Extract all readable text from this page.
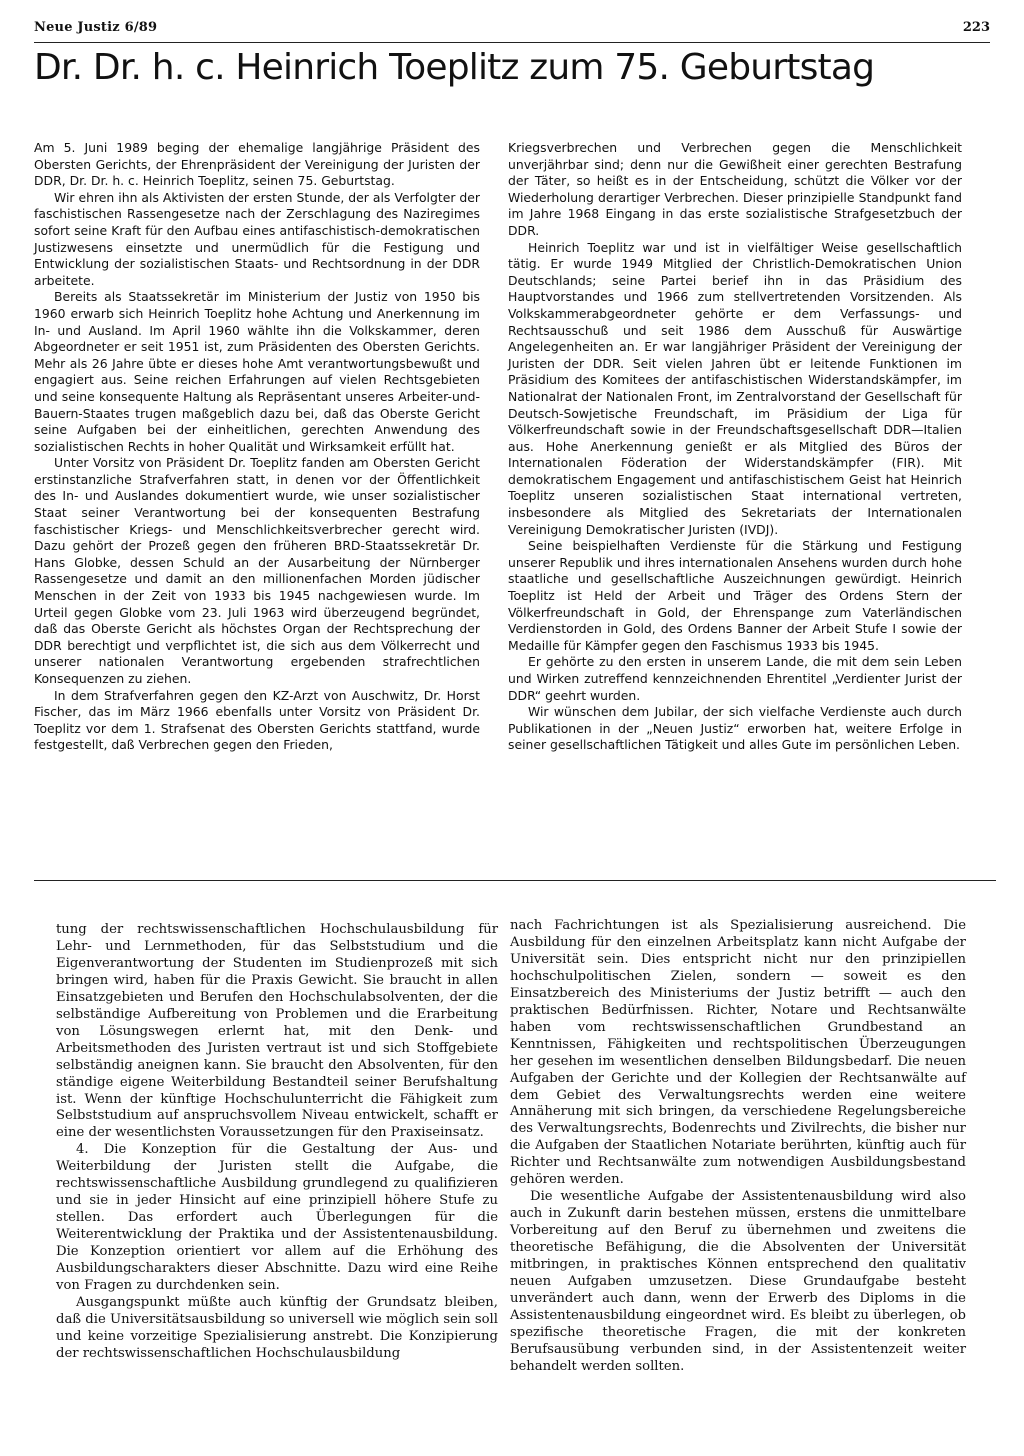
Neue Justiz 6/89	223
Dr. Dr. h. c. Heinrich Toeplitz zum 75. Geburtstag

Am 5. Juni 1989 beging der ehemalige langjährige Präsident des Obersten Gerichts, der Ehrenpräsident der Vereinigung der Juristen der DDR, Dr. Dr. h. c. Heinrich Toeplitz, seinen 75. Geburtstag.

Wir ehren ihn als Aktivisten der ersten Stunde, der als Verfolgter der faschistischen Rassengesetze nach der Zerschlagung des Naziregimes sofort seine Kraft für den Aufbau eines antifaschistisch-demokratischen Justizwesens einsetzte und unermüdlich für die Festigung und Entwicklung der sozialistischen Staats- und Rechtsordnung in der DDR arbeitete.

Bereits als Staatssekretär im Ministerium der Justiz von 1950 bis 1960 erwarb sich Heinrich Toeplitz hohe Achtung und Anerkennung im In- und Ausland. Im April 1960 wählte ihn die Volkskammer, deren Abgeordneter er seit 1951 ist, zum Präsidenten des Obersten Gerichts. Mehr als 26 Jahre übte er dieses hohe Amt verantwortungsbewußt und engagiert aus. Seine reichen Erfahrungen auf vielen Rechtsgebieten und seine konsequente Haltung als Repräsentant unseres Arbeiter-und-Bauern-Staates trugen maßgeblich dazu bei, daß das Oberste Gericht seine Aufgaben bei der einheitlichen, gerechten Anwendung des sozialistischen Rechts in hoher Qualität und Wirksamkeit erfüllt hat.

Unter Vorsitz von Präsident Dr. Toeplitz fanden am Obersten Gericht erstinstanzliche Strafverfahren statt, in denen vor der Öffentlichkeit des In- und Auslandes dokumentiert wurde, wie unser sozialistischer Staat seiner Verantwortung bei der konsequenten Bestrafung faschistischer Kriegs- und Menschlichkeitsverbrecher gerecht wird. Dazu gehört der Prozeß gegen den früheren BRD-Staatssekretär Dr. Hans Globke, dessen Schuld an der Ausarbeitung der Nürnberger Rassengesetze und damit an den millionenfachen Morden jüdischer Menschen in der Zeit von 1933 bis 1945 nachgewiesen wurde. Im Urteil gegen Globke vom 23. Juli 1963 wird überzeugend begründet, daß das Oberste Gericht als höchstes Organ der Rechtsprechung der DDR berechtigt und verpflichtet ist, die sich aus dem Völkerrecht und unserer nationalen Verantwortung ergebenden strafrechtlichen Konsequenzen zu ziehen.

In dem Strafverfahren gegen den KZ-Arzt von Auschwitz, Dr. Horst Fischer, das im März 1966 ebenfalls unter Vorsitz von Präsident Dr. Toeplitz vor dem 1. Strafsenat des Obersten Gerichts stattfand, wurde festgestellt, daß Verbrechen gegen den Frieden,

Kriegsverbrechen und Verbrechen gegen die Menschlichkeit unverjährbar sind; denn nur die Gewißheit einer gerechten Bestrafung der Täter, so heißt es in der Entscheidung, schützt die Völker vor der Wiederholung derartiger Verbrechen. Dieser prinzipielle Standpunkt fand im Jahre 1968 Eingang in das erste sozialistische Strafgesetzbuch der DDR.

Heinrich Toeplitz war und ist in vielfältiger Weise gesellschaftlich tätig. Er wurde 1949 Mitglied der Christlich-Demokratischen Union Deutschlands; seine Partei berief ihn in das Präsidium des Hauptvorstandes und 1966 zum stellvertretenden Vorsitzenden. Als Volkskammerabgeordneter gehörte er dem Verfassungs- und Rechtsausschuß und seit 1986 dem Ausschuß für Auswärtige Angelegenheiten an. Er war langjähriger Präsident der Vereinigung der Juristen der DDR. Seit vielen Jahren übt er leitende Funktionen im Präsidium des Komitees der antifaschistischen Widerstandskämpfer, im Nationalrat der Nationalen Front, im Zentralvorstand der Gesellschaft für Deutsch-Sowjetische Freundschaft, im Präsidium der Liga für Völkerfreundschaft sowie in der Freundschaftsgesellschaft DDR—Italien aus. Hohe Anerkennung genießt er als Mitglied des Büros der Internationalen Föderation der Widerstandskämpfer (FIR). Mit demokratischem Engagement und antifaschistischem Geist hat Heinrich Toeplitz unseren sozialistischen Staat international vertreten, insbesondere als Mitglied des Sekretariats der Internationalen Vereinigung Demokratischer Juristen (IVDJ).

Seine beispielhaften Verdienste für die Stärkung und Festigung unserer Republik und ihres internationalen Ansehens wurden durch hohe staatliche und gesellschaftliche Auszeichnungen gewürdigt. Heinrich Toeplitz ist Held der Arbeit und Träger des Ordens Stern der Völkerfreundschaft in Gold, der Ehrenspange zum Vaterländischen Verdienstorden in Gold, des Ordens Banner der Arbeit Stufe I sowie der Medaille für Kämpfer gegen den Faschismus 1933 bis 1945.

Er gehörte zu den ersten in unserem Lande, die mit dem sein Leben und Wirken zutreffend kennzeichnenden Ehrentitel „Verdienter Jurist der DDR“ geehrt wurden.

Wir wünschen dem Jubilar, der sich vielfache Verdienste auch durch Publikationen in der „Neuen Justiz“ erworben hat, weitere Erfolge in seiner gesellschaftlichen Tätigkeit und alles Gute im persönlichen Leben.

tung der rechtswissenschaftlichen Hochschulausbildung für Lehr- und Lernmethoden, für das Selbststudium und die Eigenverantwortung der Studenten im Studienprozeß mit sich bringen wird, haben für die Praxis Gewicht. Sie braucht in allen Einsatzgebieten und Berufen den Hochschulabsolventen, der die selbständige Aufbereitung von Problemen und die Erarbeitung von Lösungswegen erlernt hat, mit den Denk- und Arbeitsmethoden des Juristen vertraut ist und sich Stoffgebiete selbständig aneignen kann. Sie braucht den Absolventen, für den ständige eigene Weiterbildung Bestandteil seiner Berufshaltung ist. Wenn der künftige Hochschulunterricht die Fähigkeit zum Selbststudium auf anspruchsvollem Niveau entwickelt, schafft er eine der wesentlichsten Voraussetzungen für den Praxiseinsatz.

4. Die Konzeption für die Gestaltung der Aus- und Weiterbildung der Juristen stellt die Aufgabe, die rechtswissenschaftliche Ausbildung grundlegend zu qualifizieren und sie in jeder Hinsicht auf eine prinzipiell höhere Stufe zu stellen. Das erfordert auch Überlegungen für die Weiterentwicklung der Praktika und der Assistentenausbildung. Die Konzeption orientiert vor allem auf die Erhöhung des Ausbildungscharakters dieser Abschnitte. Dazu wird eine Reihe von Fragen zu durchdenken sein.

Ausgangspunkt müßte auch künftig der Grundsatz bleiben, daß die Universitätsausbildung so universell wie möglich sein soll und keine vorzeitige Spezialisierung anstrebt. Die Konzipierung der rechtswissenschaftlichen Hochschulausbildung

nach Fachrichtungen ist als Spezialisierung ausreichend. Die Ausbildung für den einzelnen Arbeitsplatz kann nicht Aufgabe der Universität sein. Dies entspricht nicht nur den prinzipiellen hochschulpolitischen Zielen, sondern — soweit es den Einsatzbereich des Ministeriums der Justiz betrifft — auch den praktischen Bedürfnissen. Richter, Notare und Rechtsanwälte haben vom rechtswissenschaftlichen Grundbestand an Kenntnissen, Fähigkeiten und rechtspolitischen Überzeugungen her gesehen im wesentlichen denselben Bildungsbedarf. Die neuen Aufgaben der Gerichte und der Kollegien der Rechtsanwälte auf dem Gebiet des Verwaltungsrechts werden eine weitere Annäherung mit sich bringen, da verschiedene Regelungsbereiche des Verwaltungsrechts, Bodenrechts und Zivilrechts, die bisher nur die Aufgaben der Staatlichen Notariate berührten, künftig auch für Richter und Rechtsanwälte zum notwendigen Ausbildungsbestand gehören werden.

Die wesentliche Aufgabe der Assistentenausbildung wird also auch in Zukunft darin bestehen müssen, erstens die unmittelbare Vorbereitung auf den Beruf zu übernehmen und zweitens die theoretische Befähigung, die die Absolventen der Universität mitbringen, in praktisches Können entsprechend den qualitativ neuen Aufgaben umzusetzen. Diese Grundaufgabe besteht unverändert auch dann, wenn der Erwerb des Diploms in die Assistentenausbildung eingeordnet wird. Es bleibt zu überlegen, ob spezifische theoretische Fragen, die mit der konkreten Berufsausübung verbunden sind, in der Assistentenzeit weiter behandelt werden sollten.
